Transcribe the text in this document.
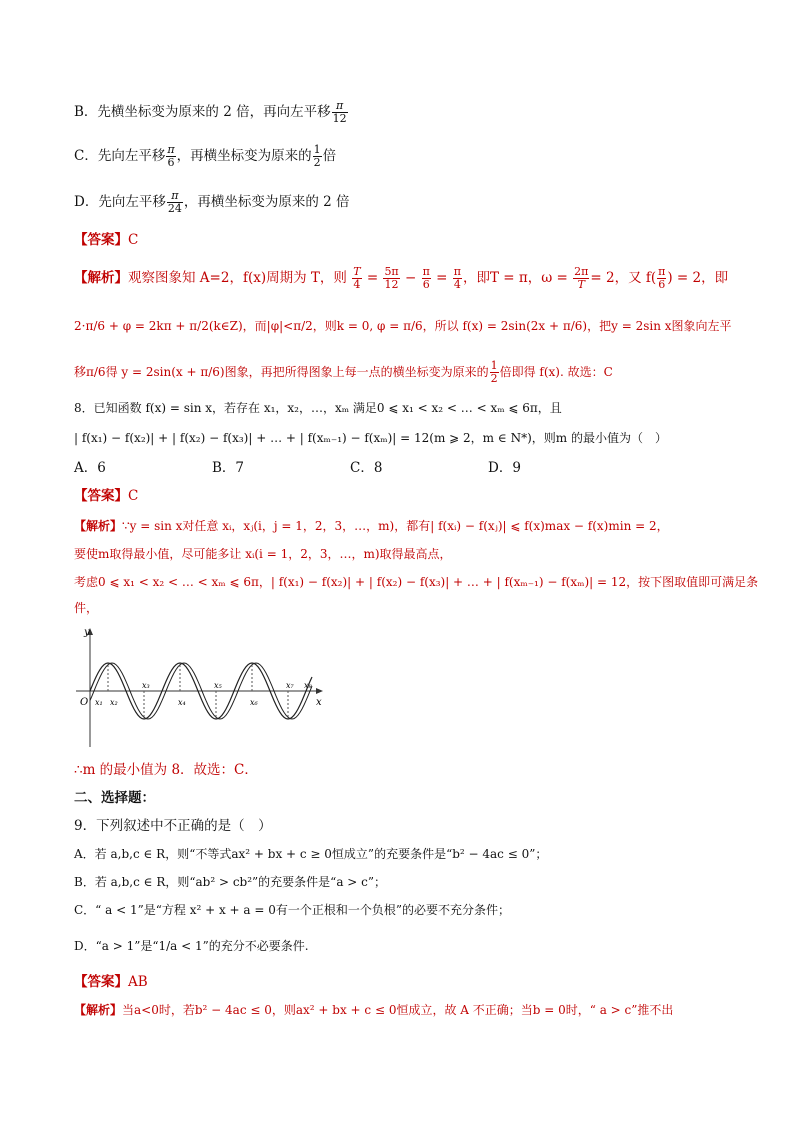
B．先横坐标变为原来的 2 倍，再向左平移 $\frac{\pi}{12}$
C．先向左平移 $\frac{\pi}{6}$ ，再横坐标变为原来的 $\frac{1}{2}$ 倍
D．先向左平移 $\frac{\pi}{24}$ ，再横坐标变为原来的 2 倍
【答案】C
【解析】观察图象知 A=2，f(x)周期为 T，则 $\frac{T}{4} = \frac{5\pi}{12} - \frac{\pi}{6} = \frac{\pi}{4}$ ，即T = π，$\omega = \frac{2\pi}{T} = 2$，又 $f( \frac{\pi}{6}$ ) = 2，即
2·π/6 + φ = 2kπ + π/2(k∈Z)，而|φ|<π/2，则k = 0, φ = π/6，所以 f(x) = 2sin(2x + π/6)，把y = 2sin x图象向左平
移π/6得 y = 2sin(x + π/6)图象，再把所得图象上每一点的横坐标变为原来的 $\frac{1}{2}$ 倍即得 f(x). 故选：C
8．已知函数 f(x) = sin x，若存在 x₁，x₂，…，xₘ 满足0 ⩽ x₁ < x₂ < … < xₘ ⩽ 6π，且
| f(x₁) − f(x₂)| + | f(x₂) − f(x₃)| + … + | f(xₘ₋₁) − f(xₘ)| = 12(m ⩾ 2，m ∈ N*)，则m 的最小值为（　）
A．6	B．7	C．8	D．9
【答案】C
【解析】∵y = sin x对任意 xᵢ，xⱼ(i，j = 1，2，3，…，m)，都有| f(xᵢ) − f(xⱼ)| ⩽ f(x)max − f(x)min = 2，
要使m取得最小值，尽可能多让 xᵢ(i = 1，2，3，…，m)取得最高点，
考虑0 ⩽ x₁ < x₂ < … < xₘ ⩽ 6π，| f(x₁) − f(x₂)| + | f(x₂) − f(x₃)| + … + | f(xₘ₋₁) − f(xₘ)| = 12，按下图取值即可满足条
件，
y
x
O x₁ x₂
x₃
x₄
x₅
x₆
x₇ x₈
∴m 的最小值为 8．故选：C．
二、选择题：
9．下列叙述中不正确的是（　）
A．若 a,b,c ∈ R，则“不等式ax² + bx + c ≥ 0恒成立”的充要条件是“b² − 4ac ≤ 0”；
B．若 a,b,c ∈ R，则“ab² > cb²”的充要条件是“a > c”；
C．“ a < 1”是“方程 x² + x + a = 0有一个正根和一个负根”的必要不充分条件；
D．“a > 1”是“1/a < 1”的充分不必要条件.
【答案】AB
【解析】当a<0时，若b² − 4ac ≤ 0，则ax² + bx + c ≤ 0恒成立，故 A 不正确；当b = 0时，“ a > c”推不出
